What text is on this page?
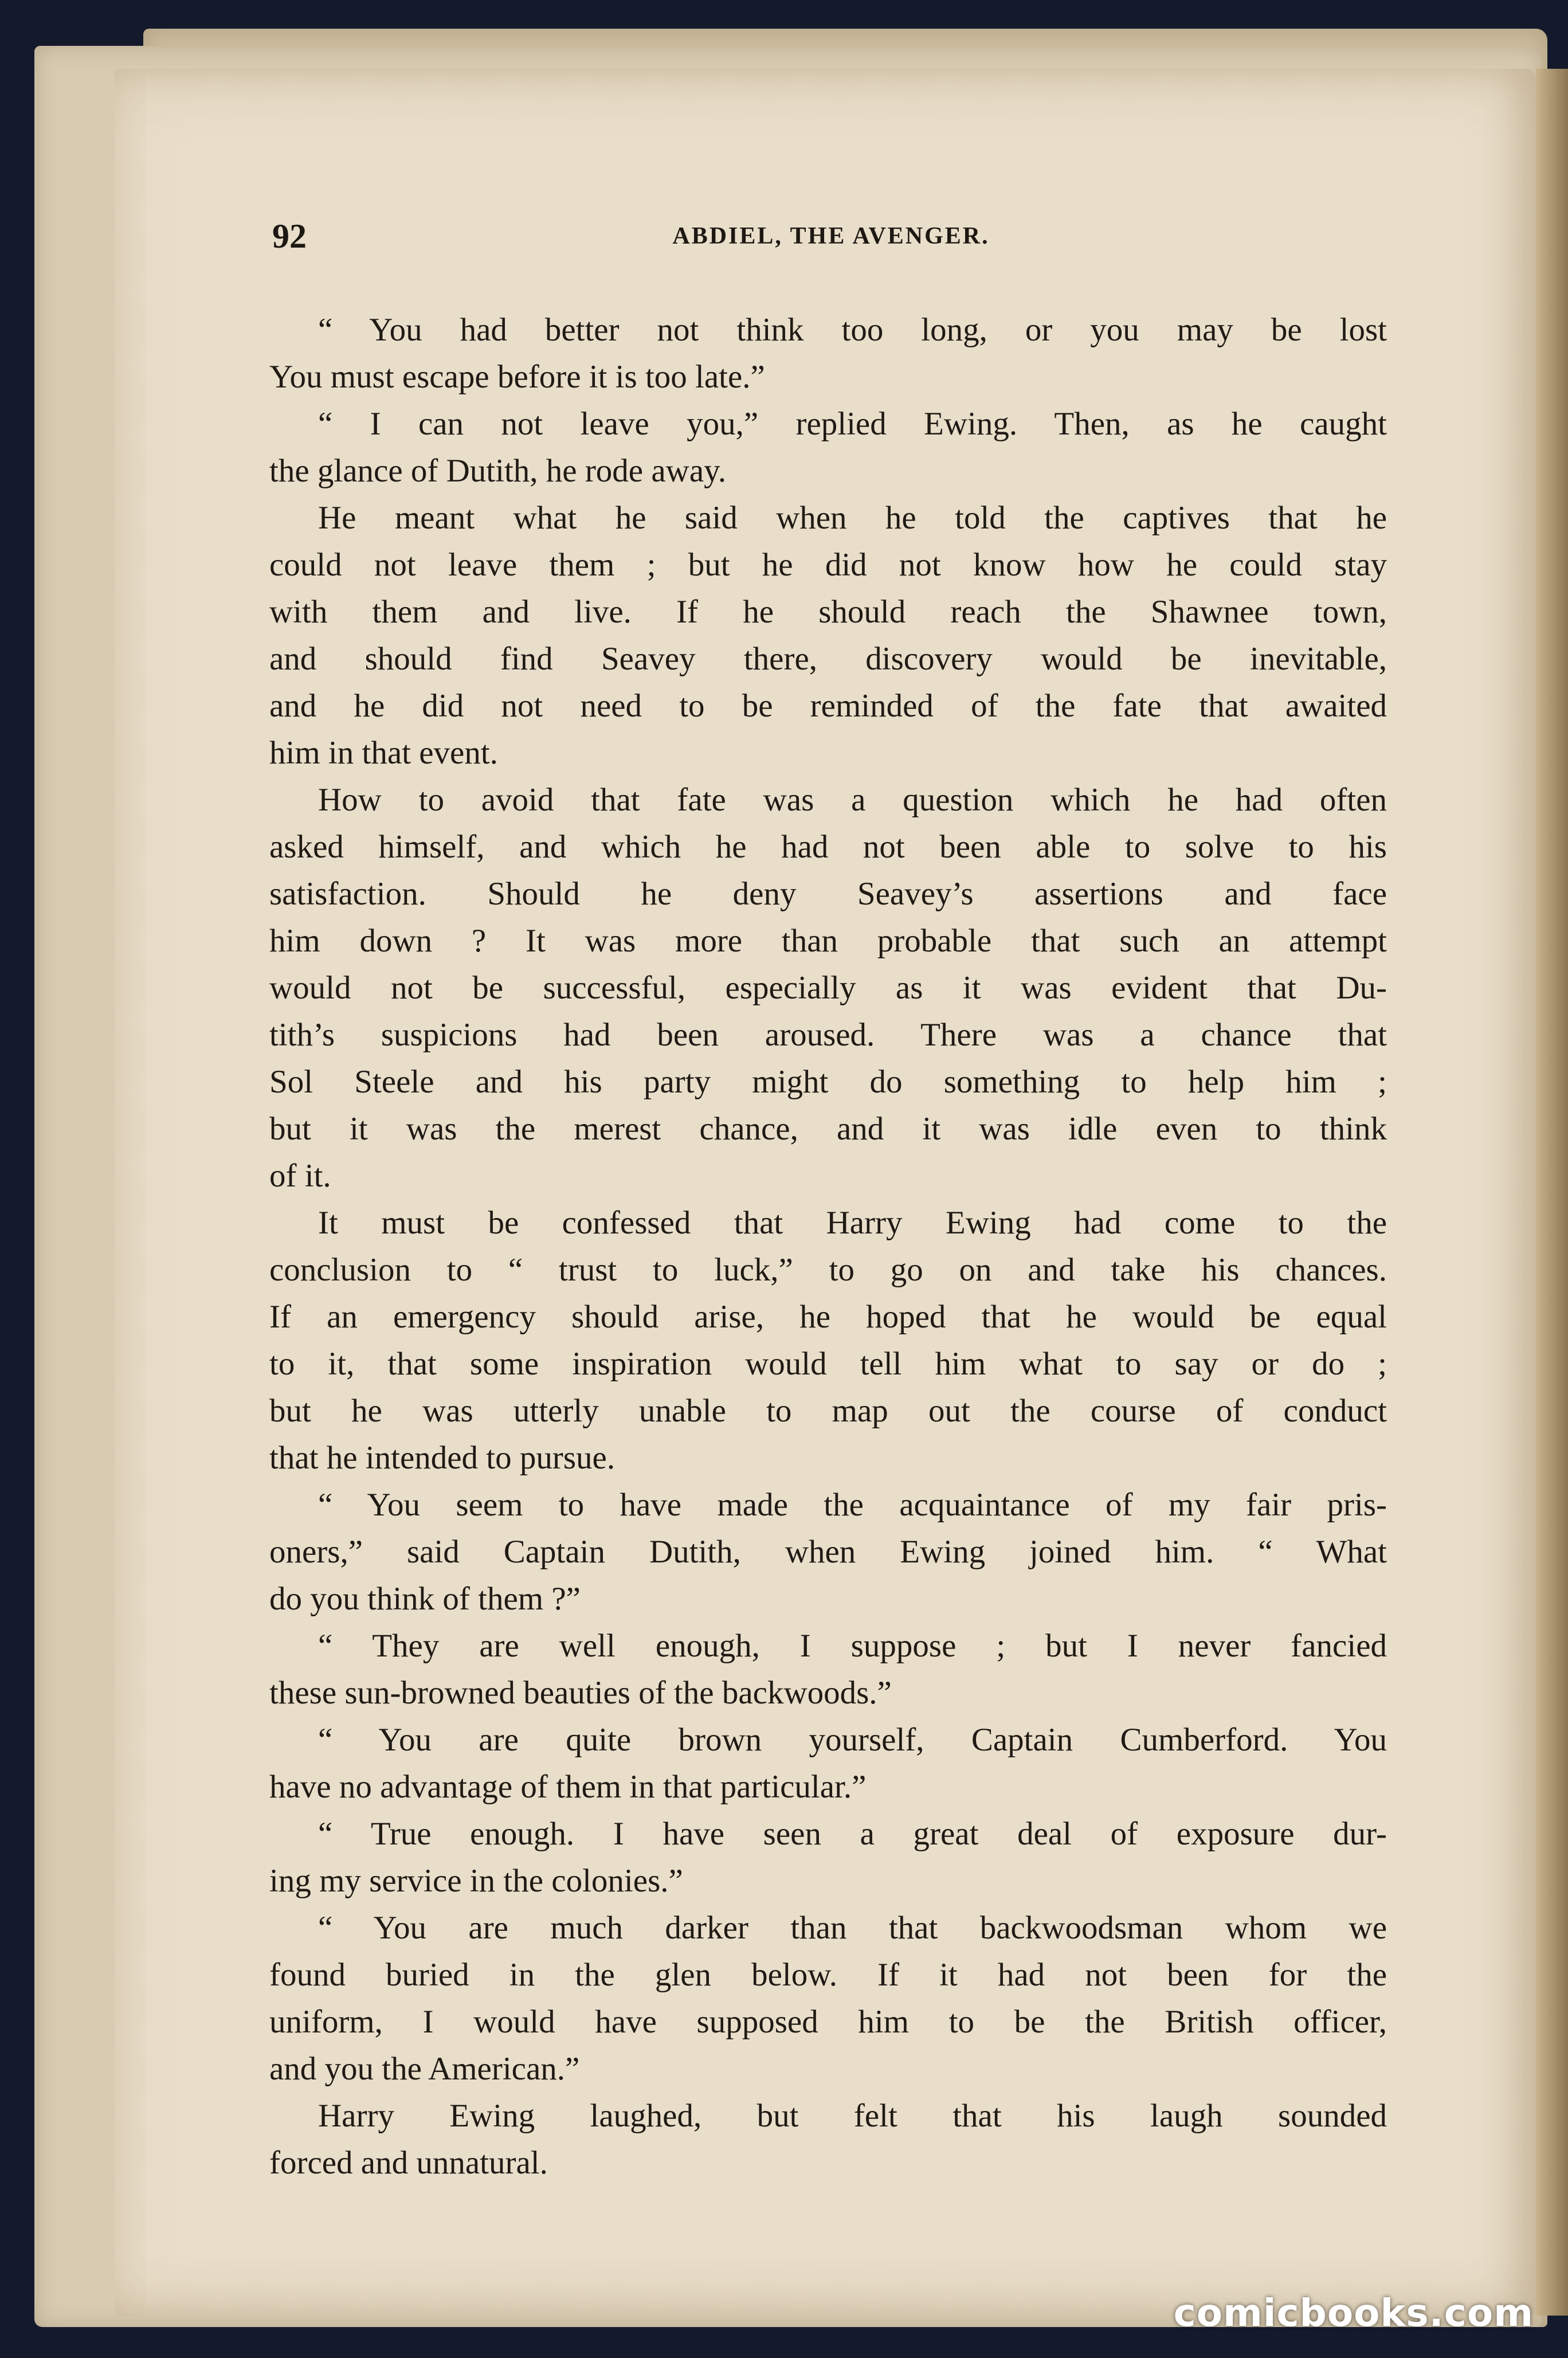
92	ABDIEL, THE AVENGER.
“ You had better not think too long, or you may be lost
You must escape before it is too late.”
“ I can not leave you,” replied Ewing. Then, as he caught
the glance of Dutith, he rode away.
He meant what he said when he told the captives that he
could not leave them ; but he did not know how he could stay
with them and live. If he should reach the Shawnee town,
and should find Seavey there, discovery would be inevitable,
and he did not need to be reminded of the fate that awaited
him in that event.
How to avoid that fate was a question which he had often
asked himself, and which he had not been able to solve to his
satisfaction. Should he deny Seavey’s assertions and face
him down ? It was more than probable that such an attempt
would not be successful, especially as it was evident that Du-
tith’s suspicions had been aroused. There was a chance that
Sol Steele and his party might do something to help him ;
but it was the merest chance, and it was idle even to think
of it.
It must be confessed that Harry Ewing had come to the
conclusion to “ trust to luck,” to go on and take his chances.
If an emergency should arise, he hoped that he would be equal
to it, that some inspiration would tell him what to say or do ;
but he was utterly unable to map out the course of conduct
that he intended to pursue.
“ You seem to have made the acquaintance of my fair pris-
oners,” said Captain Dutith, when Ewing joined him. “ What
do you think of them ?”
“ They are well enough, I suppose ; but I never fancied
these sun-browned beauties of the backwoods.”
“ You are quite brown yourself, Captain Cumberford. You
have no advantage of them in that particular.”
“ True enough. I have seen a great deal of exposure dur-
ing my service in the colonies.”
“ You are much darker than that backwoodsman whom we
found buried in the glen below. If it had not been for the
uniform, I would have supposed him to be the British officer,
and you the American.”
Harry Ewing laughed, but felt that his laugh sounded
forced and unnatural.
comicbooks.com
